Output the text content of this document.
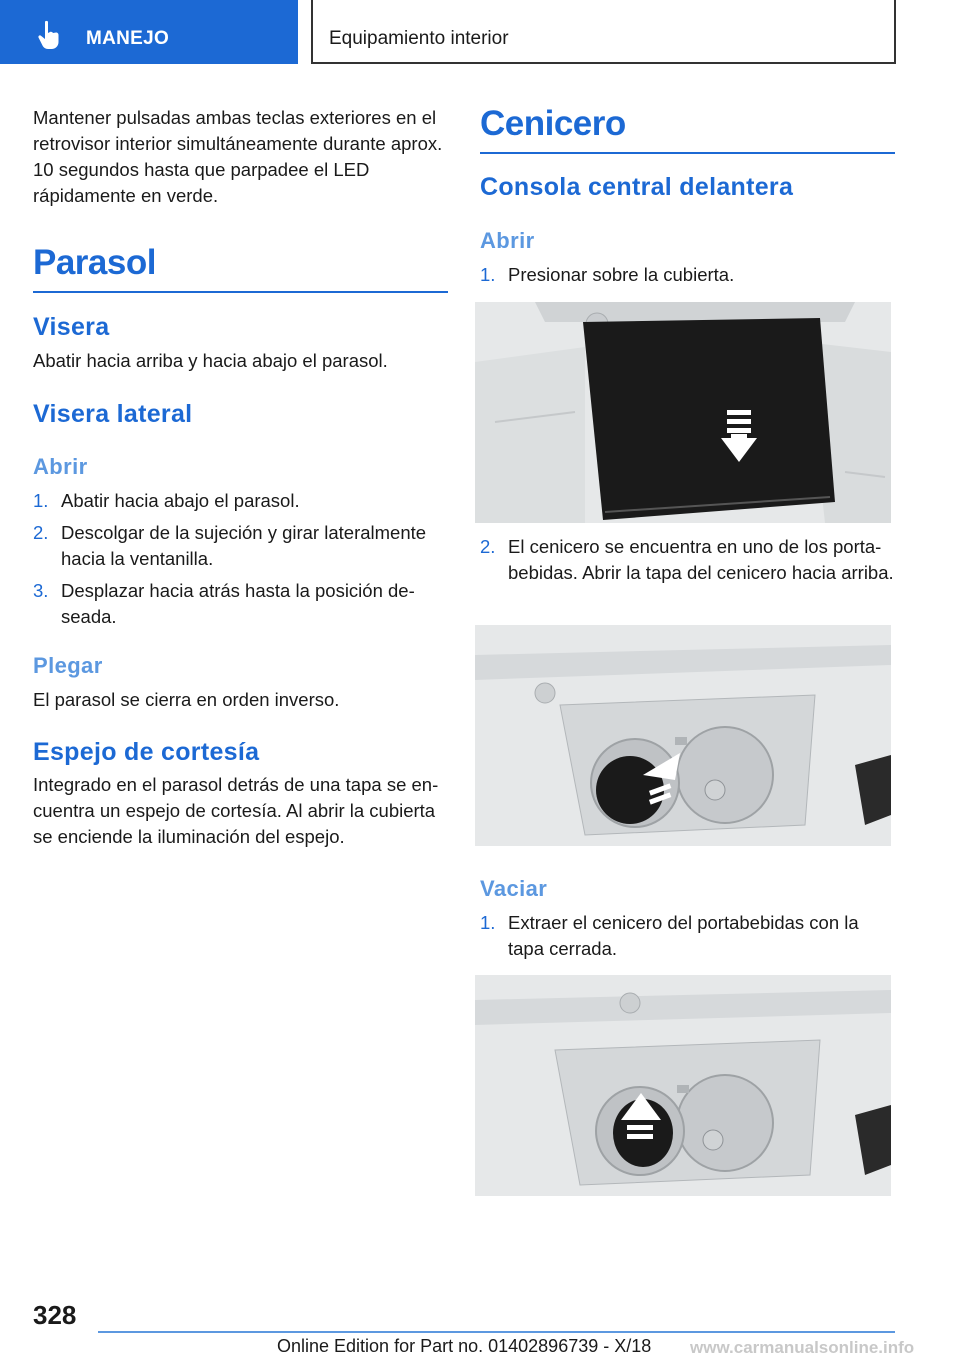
MANEJO	Equipamiento interior

Mantener pulsadas ambas teclas exteriores en el retrovisor interior simultáneamente durante aprox. 10 segundos hasta que parpadee el LED rápidamente en verde.

Parasol
Visera

Abatir hacia arriba y hacia abajo el parasol.

Visera lateral
Abrir
1. Abatir hacia abajo el parasol.
2. Descolgar de la sujeción y girar lateralmente hacia la ventanilla.
3. Desplazar hacia atrás hasta la posición deseada.
Plegar

El parasol se cierra en orden inverso.

Espejo de cortesía

Integrado en el parasol detrás de una tapa se encuentra un espejo de cortesía. Al abrir la cubierta se enciende la iluminación del espejo.

Cenicero
Consola central delantera
Abrir
1. Presionar sobre la cubierta.
2. El cenicero se encuentra en uno de los portabebidas. Abrir la tapa del cenicero hacia arriba.
Vaciar
1. Extraer el cenicero del portabebidas con la tapa cerrada.
328
Online Edition for Part no. 01402896739 - X/18 www.carmanualsonline.info
